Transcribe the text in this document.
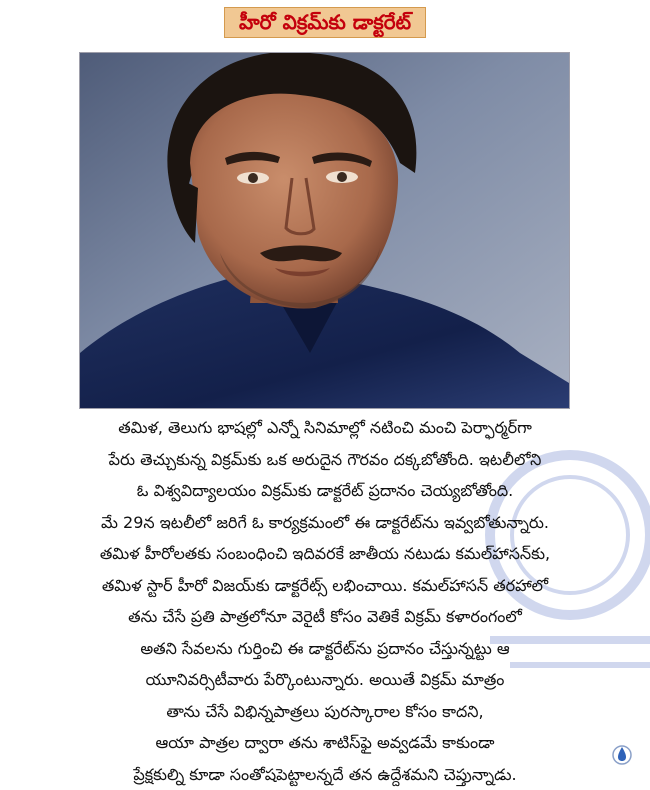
హీరో విక్రమ్‌కు డాక్టరేట్
తమిళ, తెలుగు భాషల్లో ఎన్నో సినిమాల్లో నటించి మంచి పెర్ఫార్మర్‌గా
పేరు తెచ్చుకున్న విక్రమ్‌కు ఒక అరుదైన గౌరవం దక్కబోతోంది. ఇటలీలోని
ఓ విశ్వవిద్యాలయం విక్రమ్‌కు డాక్టరేట్ ప్రదానం చెయ్యబోతోంది.
మే 29న ఇటలీలో జరిగే ఓ కార్యక్రమంలో ఈ డాక్టరేట్‌ను ఇవ్వబోతున్నారు.
తమిళ హీరోలతకు సంబంధించి ఇదివరకే జాతీయ నటుడు కమల్‌హాసన్‌కు,
తమిళ స్టార్ హీరో విజయ్‌కు డాక్టరేట్స్ లభించాయి. కమల్‌హాసన్ తరహాలో
తను చేసే ప్రతి పాత్రలోనూ వెరైటీ కోసం వెతికే విక్రమ్ కళారంగంలో
అతని సేవలను గుర్తించి ఈ డాక్టరేట్‌ను ప్రదానం చేస్తున్నట్టు ఆ
యూనివర్సిటీవారు పేర్కొంటున్నారు. అయితే విక్రమ్ మాత్రం
తాను చేసే విభిన్నపాత్రలు పురస్కారాల కోసం కాదని,
ఆయా పాత్రల ద్వారా తను శాటిస్‌ఫై అవ్వడమే కాకుండా
ప్రేక్షకుల్ని కూడా సంతోషపెట్టాలన్నదే తన ఉద్దేశమని చెప్తున్నాడు.
